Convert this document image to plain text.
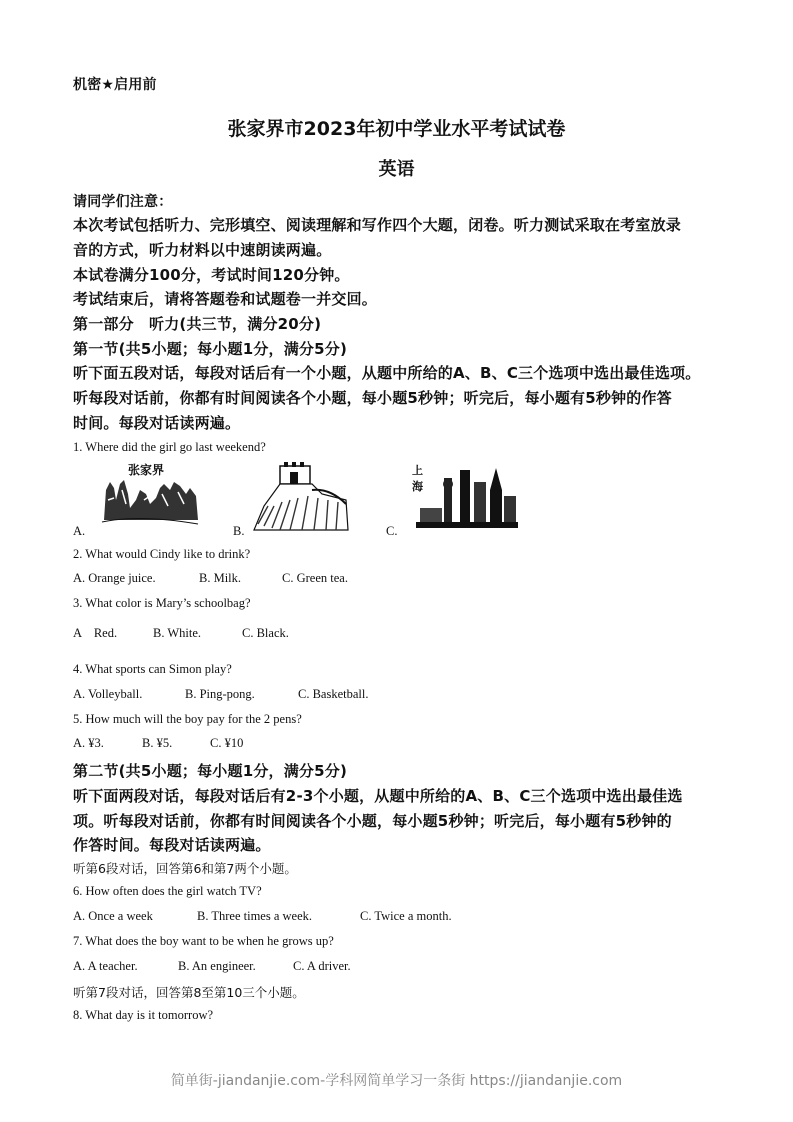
机密★启用前
张家界市2023年初中学业水平考试试卷
英语
请同学们注意：
本次考试包括听力、完形填空、阅读理解和写作四个大题，闭卷。听力测试采取在考室放录
音的方式，听力材料以中速朗读两遍。
本试卷满分100分，考试时间120分钟。
考试结束后，请将答题卷和试题卷一并交回。
第一部分　听力(共三节，满分20分)
第一节(共5小题；每小题1分，满分5分)
听下面五段对话，每段对话后有一个小题，从题中所给的A、B、C三个选项中选出最佳选项。
听每段对话前，你都有时间阅读各个小题，每小题5秒钟；听完后，每小题有5秒钟的作答
时间。每段对话读两遍。
1. Where did the girl go last weekend?
张家界
A.	B.
上
海
C.
2. What would Cindy like to drink?
A. Orange juice.	B. Milk.	C. Green tea.
3. What color is Mary’s schoolbag?
A　Red.	B. White.	C. Black.
4. What sports can Simon play?
A. Volleyball.	B. Ping-pong.	C. Basketball.
5. How much will the boy pay for the 2 pens?
A. ¥3.	B. ¥5.	C. ¥10
第二节(共5小题；每小题1分，满分5分)
听下面两段对话，每段对话后有2-3个小题，从题中所给的A、B、C三个选项中选出最佳选
项。听每段对话前，你都有时间阅读各个小题，每小题5秒钟；听完后，每小题有5秒钟的
作答时间。每段对话读两遍。
听第6段对话，回答第6和第7两个小题。
6. How often does the girl watch TV?
A. Once a week	B. Three times a week.	C. Twice a month.
7. What does the boy want to be when he grows up?
A. A teacher.	B. An engineer.	C. A driver.
听第7段对话，回答第8至第10三个小题。
8. What day is it tomorrow?
简单街-jiandanjie.com-学科网简单学习一条街 https://jiandanjie.com
